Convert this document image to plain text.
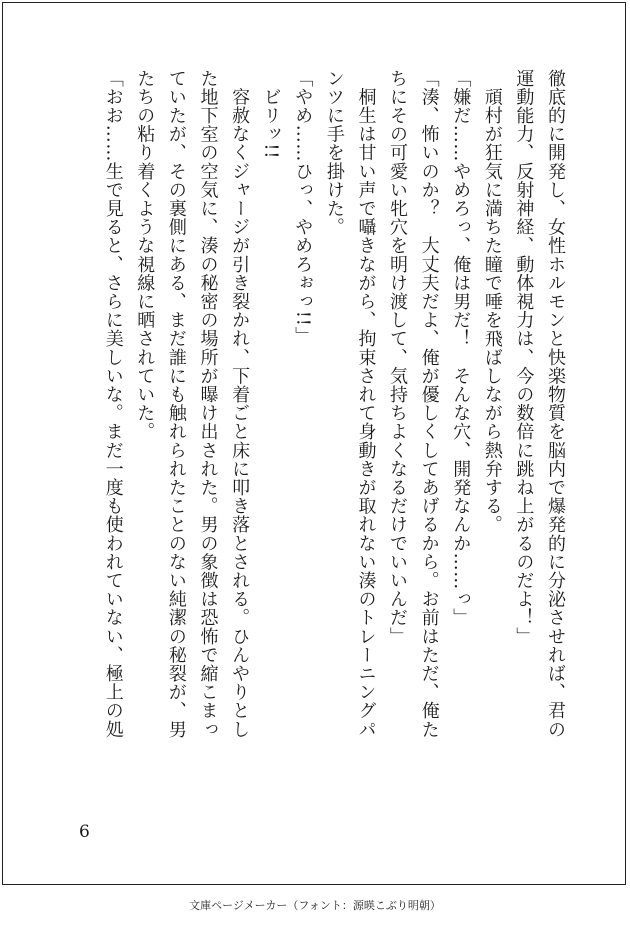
徹底的に開発し、女性ホルモンと快楽物質を脳内で爆発的に分泌させれば、君の

運動能力、反射神経、動体視力は、今の数倍に跳ね上がるのだよ！」

　頑村が狂気に満ちた瞳で唾を飛ばしながら熱弁する。

「嫌だ……やめろっ、俺は男だ！　そんな穴、開発なんか……っ」

「湊、怖いのか？　大丈夫だよ、俺が優しくしてあげるから。お前はただ、俺た

ちにその可愛い牝穴を明け渡して、気持ちよくなるだけでいいんだ」

　桐生は甘い声で囁きながら、拘束されて身動きが取れない湊のトレーニングパ

ンツに手を掛けた。

「やめ……ひっ、やめろぉっ!!」

　ビリッ!!

　容赦なくジャージが引き裂かれ、下着ごと床に叩き落とされる。ひんやりとし

た地下室の空気に、湊の秘密の場所が曝け出された。男の象徴は恐怖で縮こまっ

ていたが、その裏側にある、まだ誰にも触れられたことのない純潔の秘裂が、男

たちの粘り着くような視線に晒されていた。

「おお……生で見ると、さらに美しいな。まだ一度も使われていない、極上の処

6
文庫ページメーカー（フォント：源暎こぶり明朝）
